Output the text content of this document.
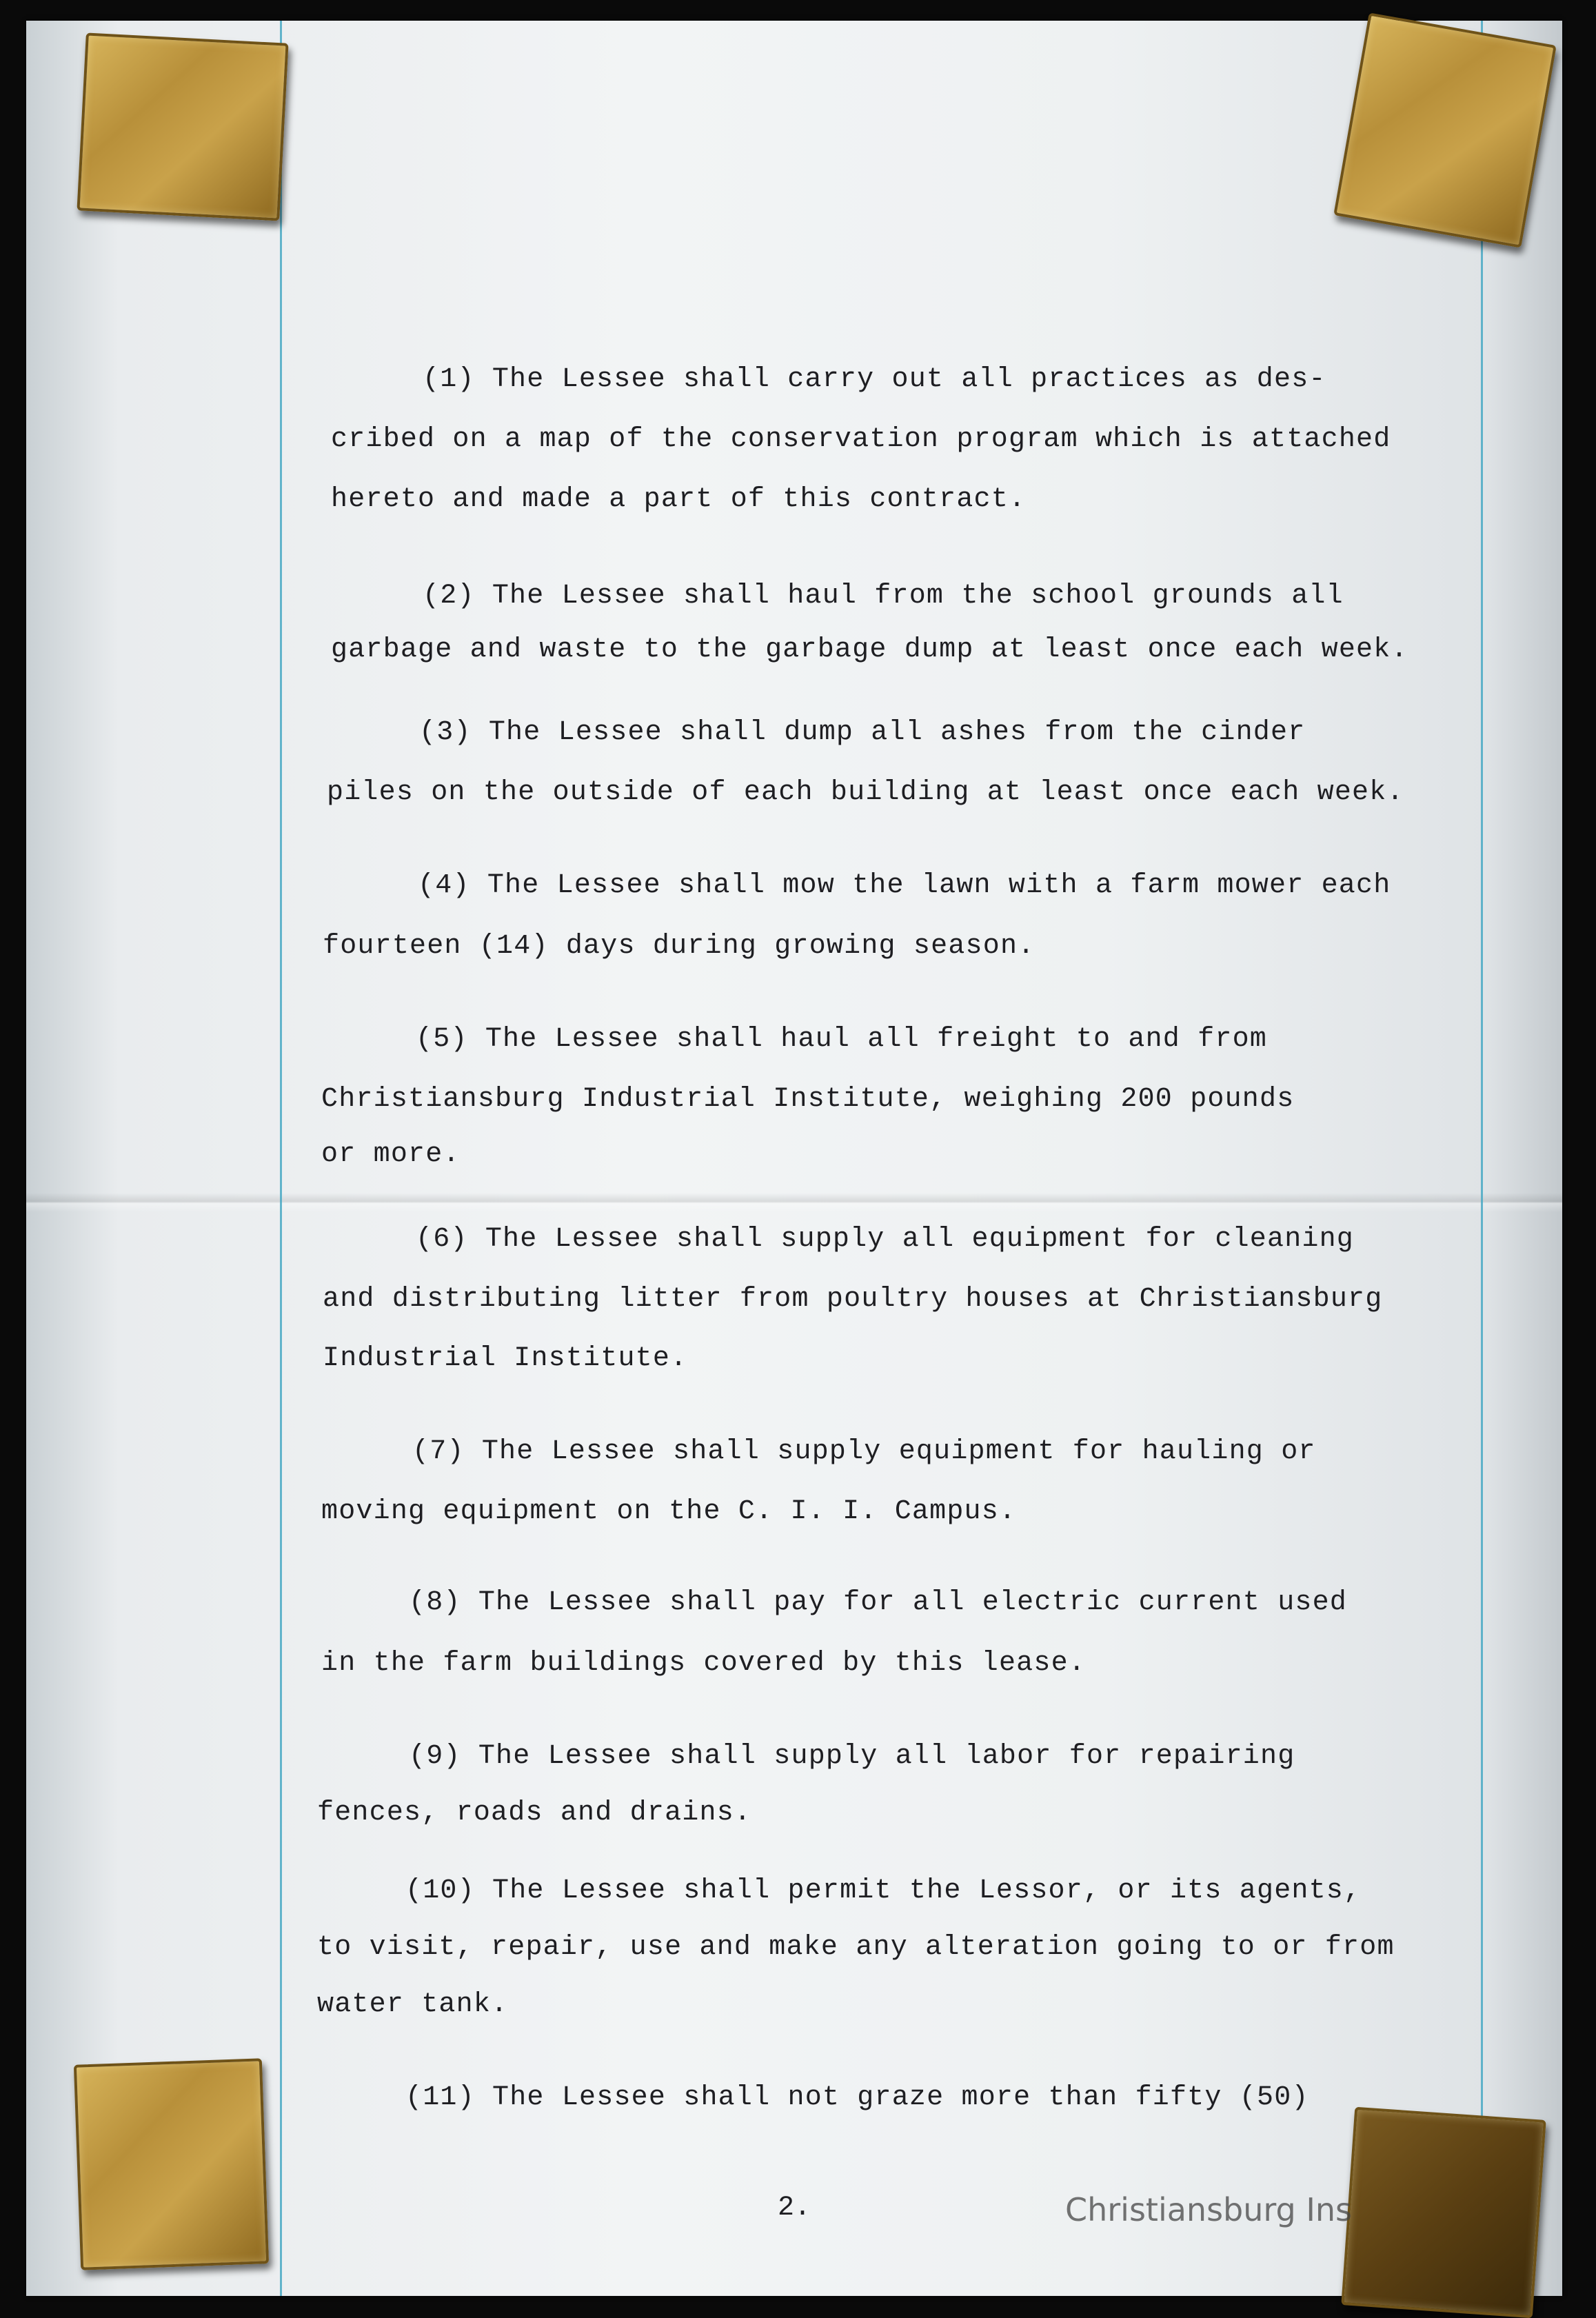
(1) The Lessee shall carry out all practices as des-
cribed on a map of the conservation program which is attached
hereto and made a part of this contract.
(2) The Lessee shall haul from the school grounds all
garbage and waste to the garbage dump at least once each week.
(3) The Lessee shall dump all ashes from the cinder
piles on the outside of each building at least once each week.
(4) The Lessee shall mow the lawn with a farm mower each
fourteen (14) days during growing season.
(5) The Lessee shall haul all freight to and from
Christiansburg Industrial Institute, weighing 200 pounds
or more.
(6) The Lessee shall supply all equipment for cleaning
and distributing litter from poultry houses at Christiansburg
Industrial Institute.
(7) The Lessee shall supply equipment for hauling or
moving equipment on the C. I. I. Campus.
(8) The Lessee shall pay for all electric current used
in the farm buildings covered by this lease.
(9) The Lessee shall supply all labor for repairing
fences, roads and drains.
(10) The Lessee shall permit the Lessor, or its agents,
to visit, repair, use and make any alteration going to or from
water tank.
(11) The Lessee shall not graze more than fifty (50)
2.	Christiansburg Ins
